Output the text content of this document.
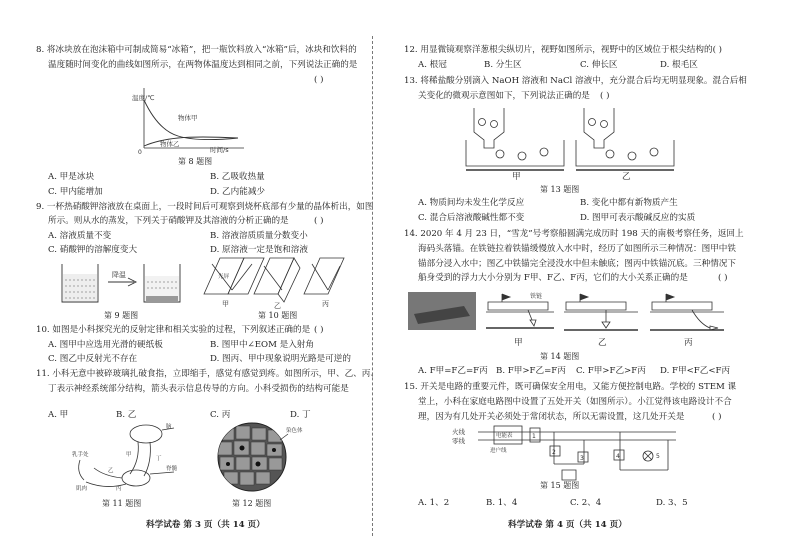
8. 将冰块放在泡沫箱中可制成简易“冰箱”，把一瓶饮料放入“冰箱”后，冰块和饮料的
温度随时间变化的曲线如图所示，在两物体温度达到相同之前，下列说法正确的是
( )
温度/℃
时间/s
物体甲
物体乙
0
第 8 题图
A. 甲是冰块	B. 乙吸收热量
C. 甲内能增加	D. 乙内能减少
9. 一杯热硝酸钾溶液放在桌面上，一段时间后可观察到烧杯底部有少量的晶体析出，如图
所示。则从水的蒸发，下列关于硝酸钾及其溶液的分析正确的是	( )
A. 溶液质量不变	B. 溶液溶质质量分数变小
C. 硝酸钾的溶解度变大	D. 原溶液一定是饱和溶液
降温	光屏
甲	乙	丙
第 9 题图	第 10 题图
10. 如图是小科探究光的反射定律和相关实验的过程，下列叙述正确的是 ( )
A. 图甲中应选用光滑的硬纸板	B. 图甲中∠EOM 是入射角
C. 图乙中反射光不存在	D. 图丙、甲中现象说明光路是可逆的
11. 小科无意中被碎玻璃扎破食指，立即缩手，感觉有感觉到疼。如图所示，甲、乙、丙、
丁表示神经系统部分结构，箭头表示信息传导的方向。小科受损伤的结构可能是
A. 甲	B. 乙	C. 丙	D. 丁
乳手处
肌肉
乙
丙
丁
甲
脑
脊髓
染色体
第 11 题图	第 12 题图
科学试卷 第 3 页（共 14 页）
12. 用显微镜观察洋葱根尖纵切片，视野如图所示，视野中的区域位于根尖结构的( )
A. 根冠	B. 分生区	C. 伸长区	D. 根毛区
13. 将稀盐酸分别滴入 NaOH 溶液和 NaCl 溶液中，充分混合后均无明显现象。混合后相
关变化的微观示意图如下，下列说法正确的是 ( )
甲	乙
第 13 题图
A. 物质间均未发生化学反应	B. 变化中都有新物质产生
C. 混合后溶液酸碱性都不变	D. 图甲可表示酸碱反应的实质
14. 2020 年 4 月 23 日，“雪龙”号考察船圆满完成历时 198 天的南极考察任务，返回上
海码头落锚。在铁链拉着铁锚缓慢放入水中时，经历了如图所示三种情况：图甲中铁
锚部分浸入水中；图乙中铁锚完全浸没水中但未触底；图丙中铁锚沉底。三种情况下
船身受到的浮力大小分别为 F甲、F乙、F丙，它们的大小关系正确的是	( )
铁链
甲	乙	丙
第 14 题图
A. F甲=F乙=F丙 B. F甲>F乙=F丙 C. F甲>F乙>F丙 D. F甲<F乙<F丙
15. 开关是电路的重要元件，既可确保安全用电，又能方便控制电路。学校的 STEM 课
堂上，小科在家庭电路图中设置了五处开关（如图所示）。小江觉得该电路设计不合
理，因为有几处开关必须处于常闭状态，所以无需设置，这几处开关是	( )
火线
零线
电能表
进户线
1
2
3	4	5
第 15 题图
A. 1、2	B. 1、4	C. 2、4	D. 3、5
科学试卷 第 4 页（共 14 页）
